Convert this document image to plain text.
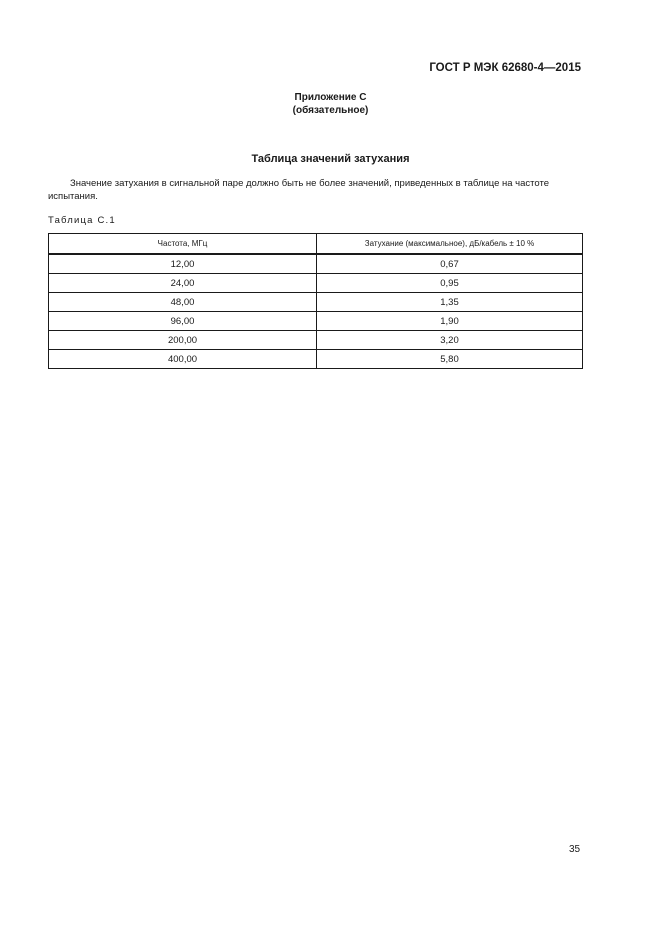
ГОСТ Р МЭК 62680-4—2015
Приложение С
(обязательное)
Таблица значений затухания
Значение затухания в сигнальной паре должно быть не более значений, приведенных в таблице на частоте испытания.
Таблица С.1
Частота, МГц	Затухание (максимальное), дБ/кабель ± 10 %
12,00	0,67
24,00	0,95
48,00	1,35
96,00	1,90
200,00	3,20
400,00	5,80
35
